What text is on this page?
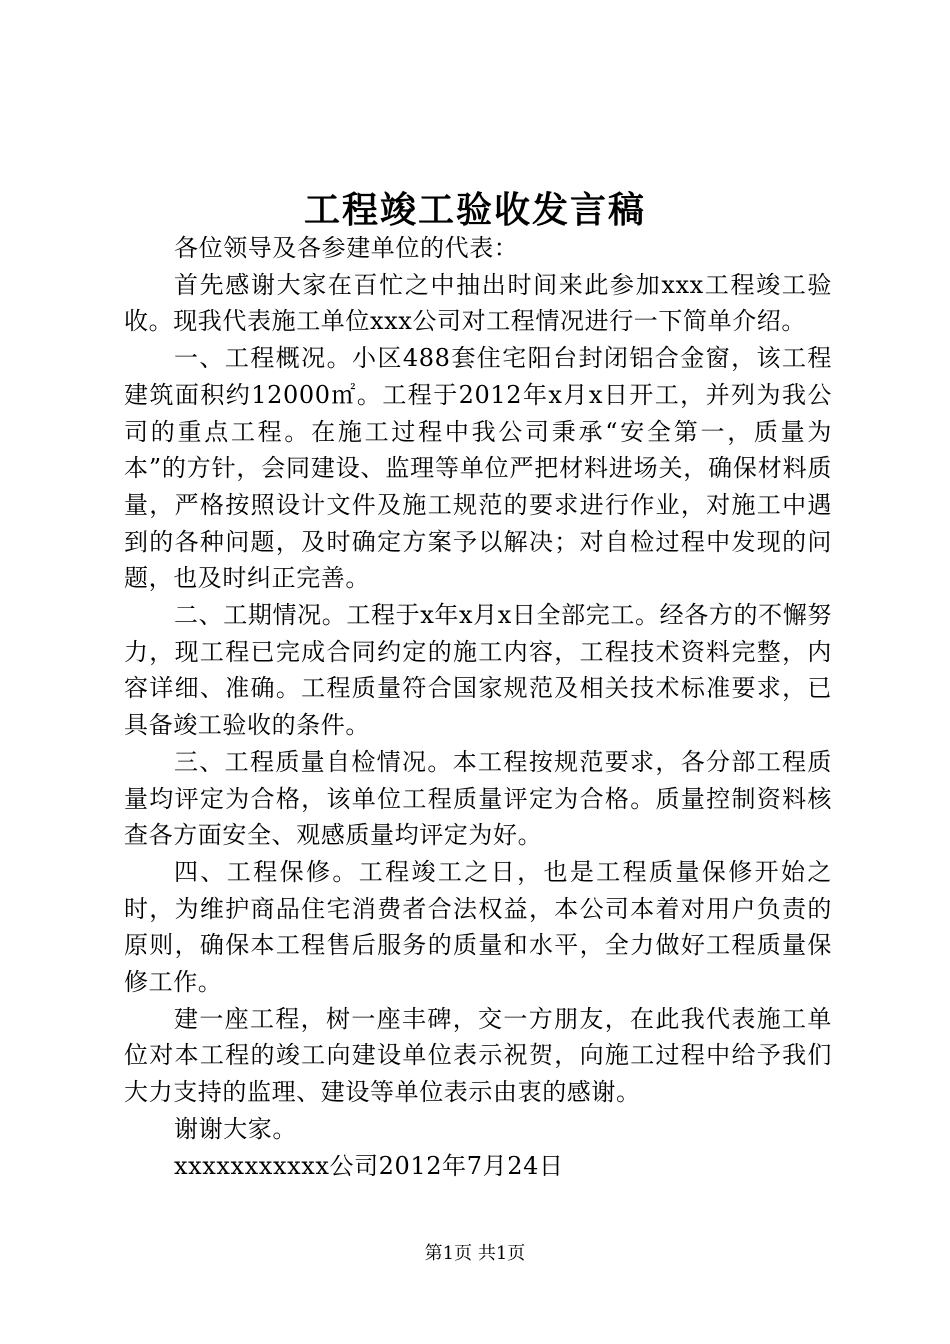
工程竣工验收发言稿

各位领导及各参建单位的代表：

首先感谢大家在百忙之中抽出时间来此参加xxx工程竣工验收。现我代表施工单位xxx公司对工程情况进行一下简单介绍。

一、工程概况。小区488套住宅阳台封闭铝合金窗，该工程建筑面积约12000㎡。工程于2012年x月x日开工，并列为我公司的重点工程。在施工过程中我公司秉承“安全第一，质量为本”的方针，会同建设、监理等单位严把材料进场关，确保材料质量，严格按照设计文件及施工规范的要求进行作业，对施工中遇到的各种问题，及时确定方案予以解决；对自检过程中发现的问题，也及时纠正完善。

二、工期情况。工程于x年x月x日全部完工。经各方的不懈努力，现工程已完成合同约定的施工内容，工程技术资料完整，内容详细、准确。工程质量符合国家规范及相关技术标准要求，已具备竣工验收的条件。

三、工程质量自检情况。本工程按规范要求，各分部工程质量均评定为合格，该单位工程质量评定为合格。质量控制资料核查各方面安全、观感质量均评定为好。

四、工程保修。工程竣工之日，也是工程质量保修开始之时，为维护商品住宅消费者合法权益，本公司本着对用户负责的原则，确保本工程售后服务的质量和水平，全力做好工程质量保修工作。

建一座工程，树一座丰碑，交一方朋友，在此我代表施工单位对本工程的竣工向建设单位表示祝贺，向施工过程中给予我们大力支持的监理、建设等单位表示由衷的感谢。

谢谢大家。

xxxxxxxxxxx公司2012年7月24日

第1页 共1页
